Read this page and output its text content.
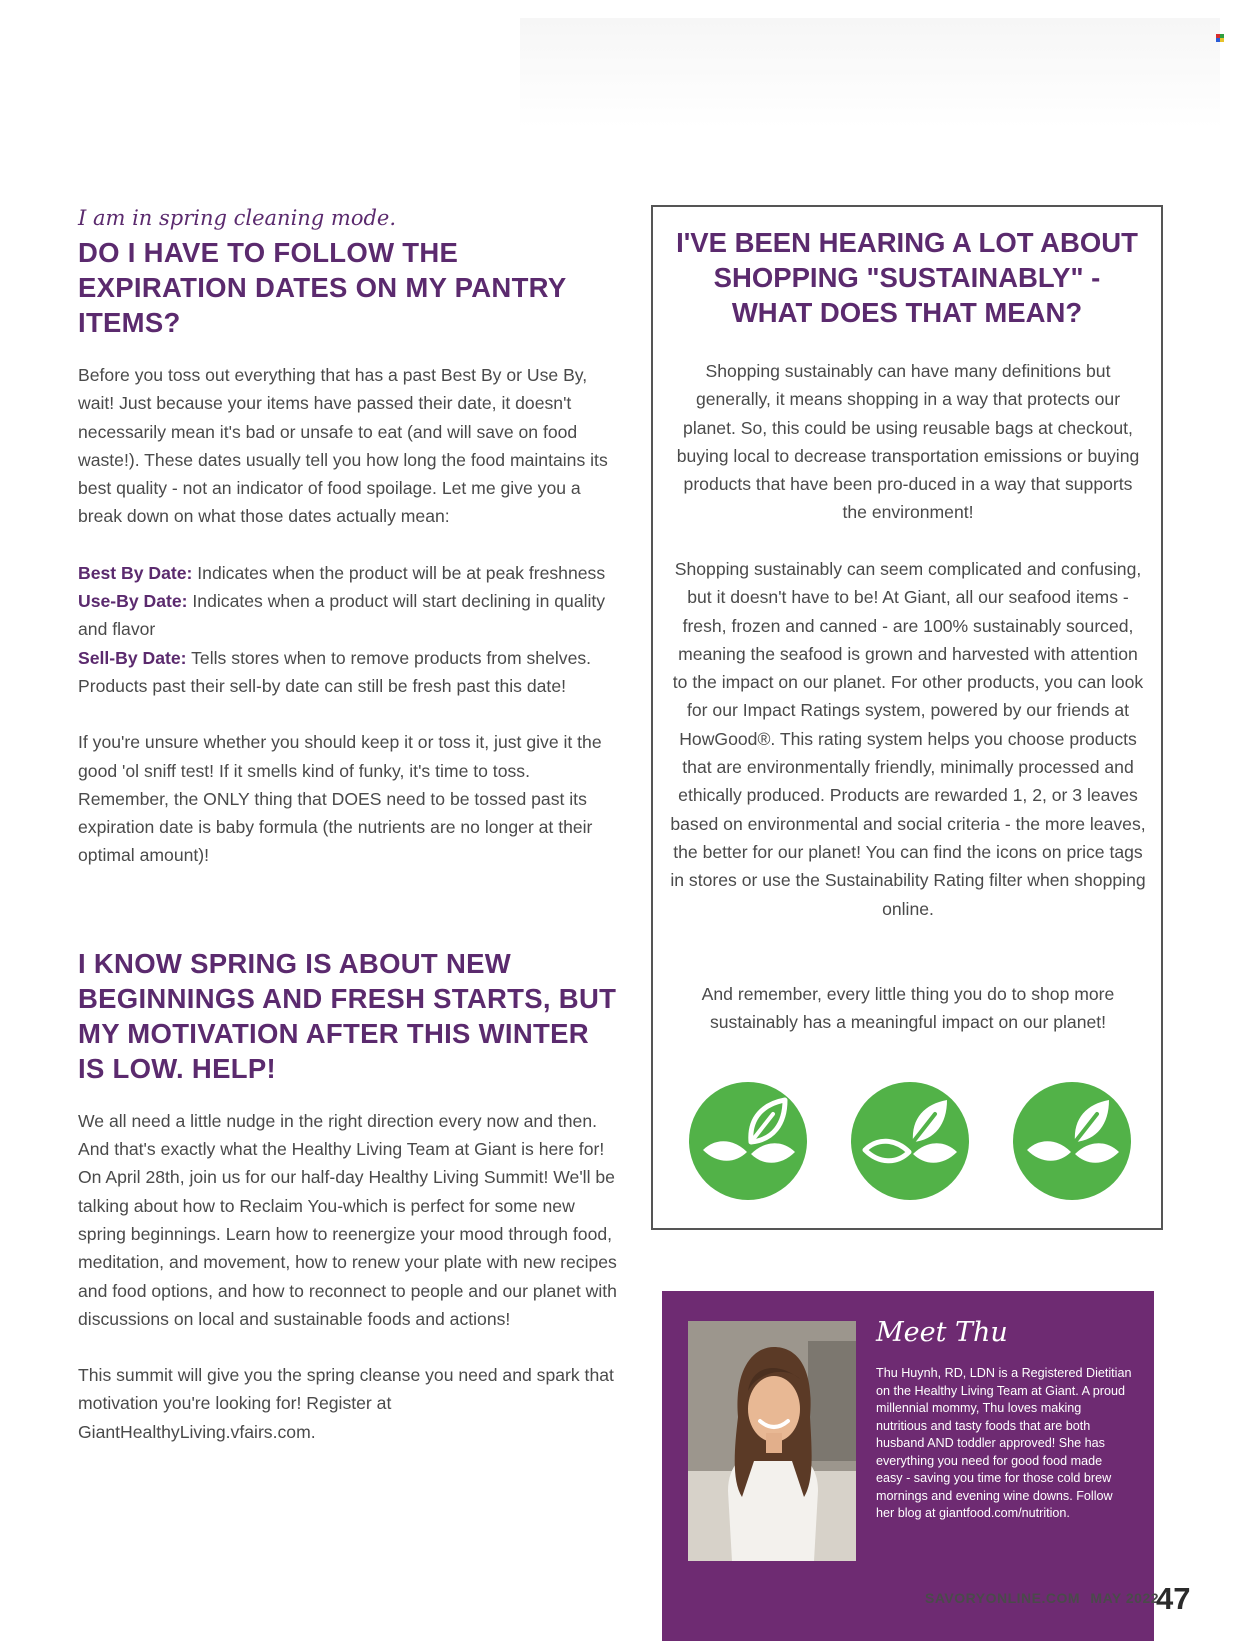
I am in spring cleaning mode.

DO I HAVE TO FOLLOW THE EXPIRATION DATES ON MY PANTRY ITEMS?

Before you toss out everything that has a past Best By or Use By, wait! Just because your items have passed their date, it doesn't necessarily mean it's bad or unsafe to eat (and will save on food waste!). These dates usually tell you how long the food maintains its best quality - not an indicator of food spoilage. Let me give you a break down on what those dates actually mean:

Best By Date: Indicates when the product will be at peak freshness

Use-By Date: Indicates when a product will start declining in quality and flavor

Sell-By Date: Tells stores when to remove products from shelves. Products past their sell-by date can still be fresh past this date!

If you're unsure whether you should keep it or toss it, just give it the good 'ol sniff test! If it smells kind of funky, it's time to toss. Remember, the ONLY thing that DOES need to be tossed past its expiration date is baby formula (the nutrients are no longer at their optimal amount)!

I KNOW SPRING IS ABOUT NEW BEGINNINGS AND FRESH STARTS, BUT MY MOTIVATION AFTER THIS WINTER IS LOW. HELP!

We all need a little nudge in the right direction every now and then. And that's exactly what the Healthy Living Team at Giant is here for! On April 28th, join us for our half-day Healthy Living Summit! We'll be talking about how to Reclaim You-which is perfect for some new spring beginnings. Learn how to reenergize your mood through food, meditation, and movement, how to renew your plate with new recipes and food options, and how to reconnect to people and our planet with discussions on local and sustainable foods and actions!

This summit will give you the spring cleanse you need and spark that motivation you're looking for! Register at GiantHealthyLiving.vfairs.com.

I'VE BEEN HEARING A LOT ABOUT SHOPPING "SUSTAINABLY" - WHAT DOES THAT MEAN?

Shopping sustainably can have many definitions but generally, it means shopping in a way that protects our planet. So, this could be using reusable bags at checkout, buying local to decrease transportation emissions or buying products that have been pro-duced in a way that supports the environment!

Shopping sustainably can seem complicated and confusing, but it doesn't have to be! At Giant, all our seafood items - fresh, frozen and canned - are 100% sustainably sourced, meaning the seafood is grown and harvested with attention to the impact on our planet. For other products, you can look for our Impact Ratings system, powered by our friends at HowGood®. This rating system helps you choose products that are environmentally friendly, minimally processed and ethically produced. Products are rewarded 1, 2, or 3 leaves based on environmental and social criteria - the more leaves, the better for our planet! You can find the icons on price tags in stores or use the Sustainability Rating filter when shopping online.

And remember, every little thing you do to shop more sustainably has a meaningful impact on our planet!

Meet Thu

Thu Huynh, RD, LDN is a Registered Dietitian on the Healthy Living Team at Giant. A proud millennial mommy, Thu loves making nutritious and tasty foods that are both husband AND toddler approved! She has everything you need for good food made easy - saving you time for those cold brew mornings and evening wine downs. Follow her blog at giantfood.com/nutrition.

SAVORYONLINE.COM MAY 2022
47
